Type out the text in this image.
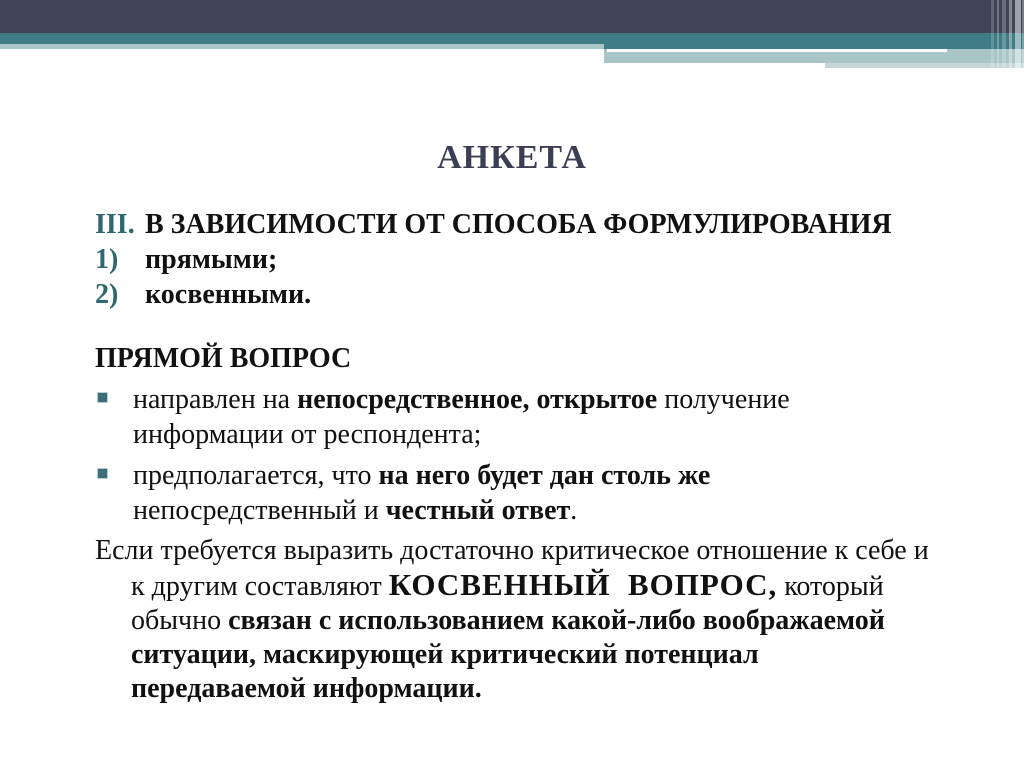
АНКЕТА
III. В ЗАВИСИМОСТИ ОТ СПОСОБА ФОРМУЛИРОВАНИЯ
1) прямыми;
2) косвенными.
ПРЯМОЙ ВОПРОС
направлен на непосредственное, открытое получение информации от респондента;
предполагается, что на него будет дан столь же непосредственный и честный ответ.
Если требуется выразить достаточно критическое отношение к себе и к другим составляют КОСВЕННЫЙ  ВОПРОС, который обычно связан с использованием какой-либо воображаемой  ситуации, маскирующей критический потенциал передаваемой информации.
